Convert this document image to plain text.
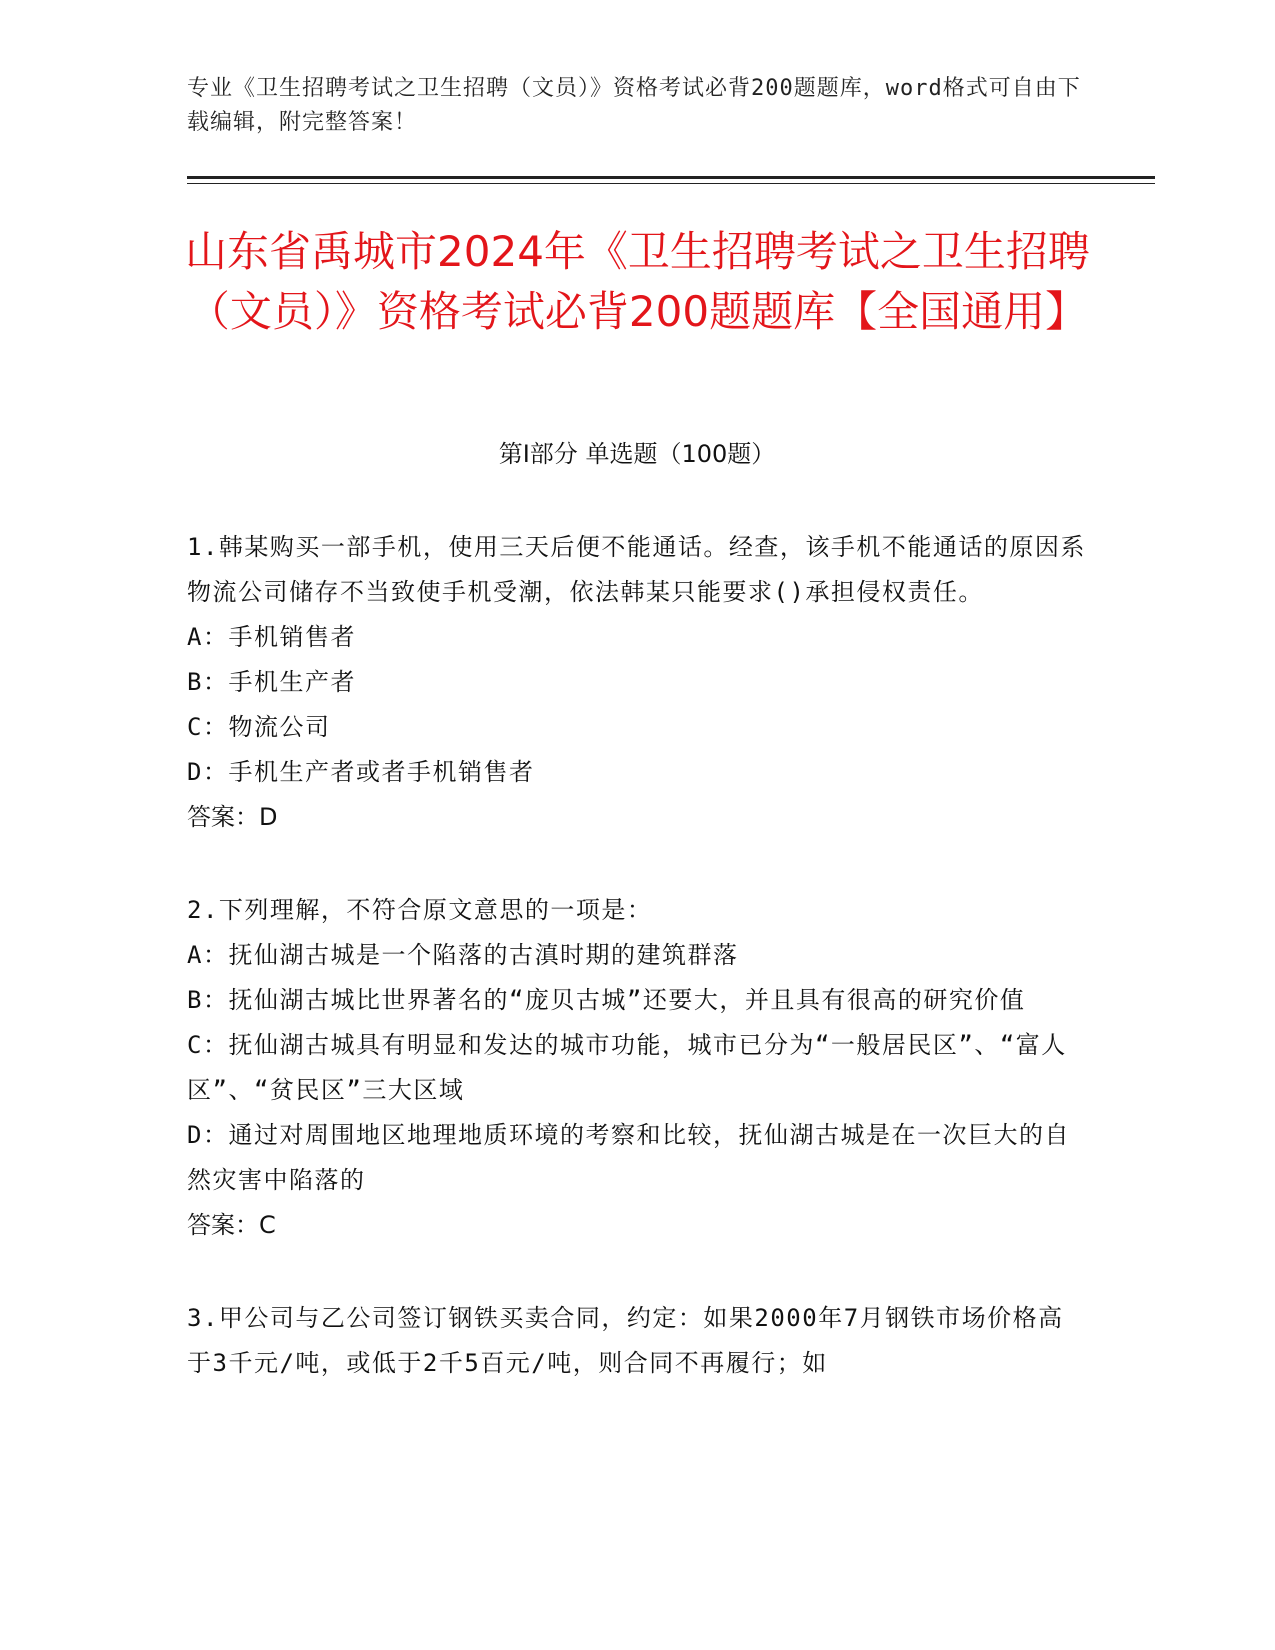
专业《卫生招聘考试之卫生招聘（文员）》资格考试必背200题题库，word格式可自由下载编辑，附完整答案！
山东省禹城市2024年《卫生招聘考试之卫生招聘（文员）》资格考试必背200题题库【全国通用】
第Ⅰ部分 单选题（100题）

1.韩某购买一部手机，使用三天后便不能通话。经查，该手机不能通话的原因系物流公司储存不当致使手机受潮，依法韩某只能要求()承担侵权责任。

A：手机销售者

B：手机生产者

C：物流公司

D：手机生产者或者手机销售者

答案：D

2.下列理解，不符合原文意思的一项是：

A：抚仙湖古城是一个陷落的古滇时期的建筑群落

B：抚仙湖古城比世界著名的“庞贝古城”还要大，并且具有很高的研究价值

C：抚仙湖古城具有明显和发达的城市功能，城市已分为“一般居民区”、“富人区”、“贫民区”三大区域

D：通过对周围地区地理地质环境的考察和比较，抚仙湖古城是在一次巨大的自然灾害中陷落的

答案：C

3.甲公司与乙公司签订钢铁买卖合同，约定：如果2000年7月钢铁市场价格高于3千元/吨，或低于2千5百元/吨，则合同不再履行；如
